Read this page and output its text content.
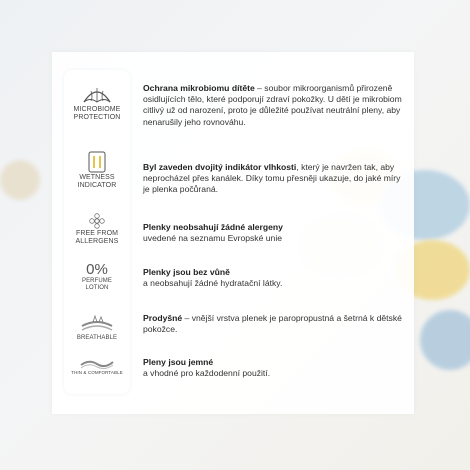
MICROBIOME
PROTECTION
WETNESS
INDICATOR
FREE FROM
ALLERGENS
0%
PERFUME
LOTION
BREATHABLE
THIN & COMFORTABLE
Ochrana mikrobiomu dítěte – soubor mikroorganismů přirozeně osidlujících tělo, které podporují zdraví pokožky. U dětí je mikrobiom citlivý už od narození, proto je důležité používat neutrální pleny, aby nenarušily jeho rovnováhu.
Byl zaveden dvojitý indikátor vlhkosti, který je navržen tak, aby neprocházel přes kanálek. Díky tomu přesněji ukazuje, do jaké míry je plenka počůraná.
Plenky neobsahují žádné alergeny
uvedené na seznamu Evropské unie
Plenky jsou bez vůně
a neobsahují žádné hydratační látky.
Prodyšné – vnější vrstva plenek je paropropustná a šetrná k dětské pokožce.
Pleny jsou jemné
a vhodné pro každodenní použití.
